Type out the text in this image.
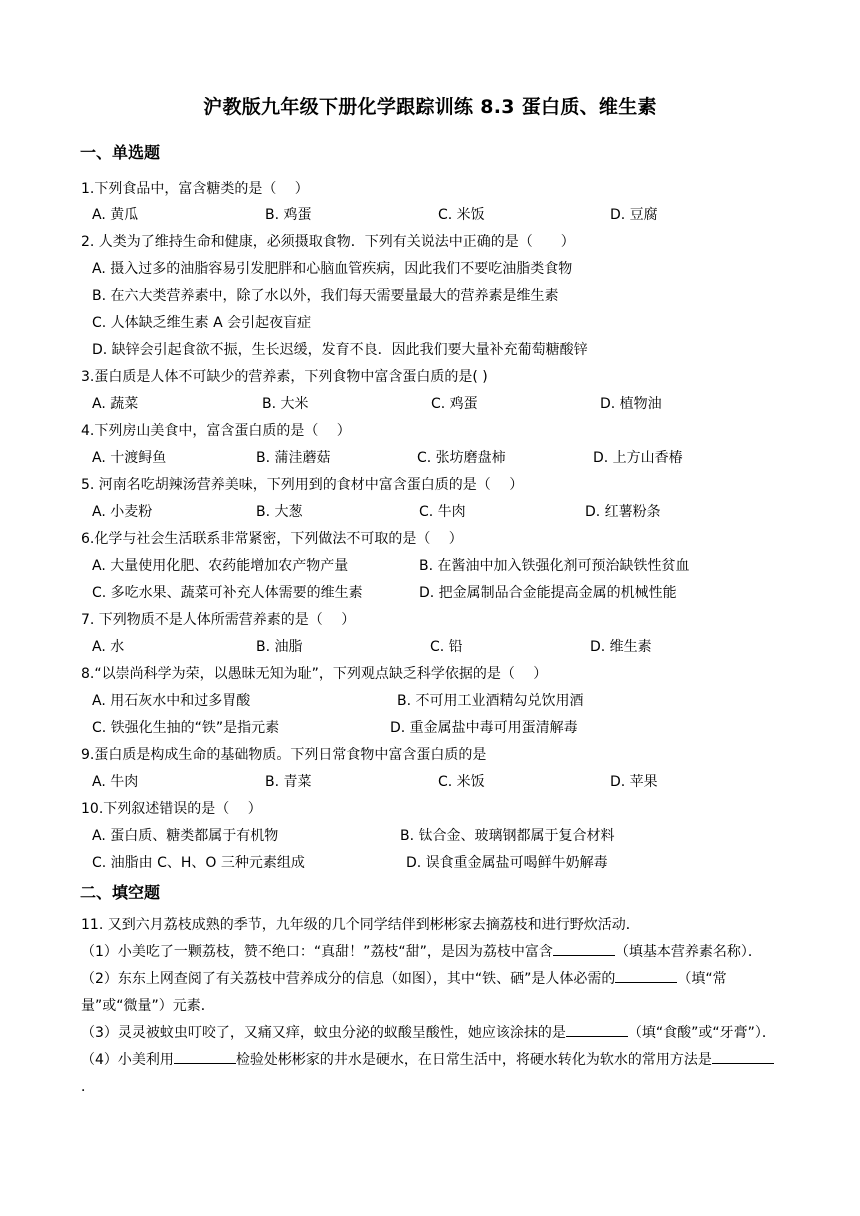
沪教版九年级下册化学跟踪训练 8.3 蛋白质、维生素
一、单选题
1.下列食品中，富含糖类的是（　 ）
A. 黄瓜	B. 鸡蛋	C. 米饭	D. 豆腐
2. 人类为了维持生命和健康，必须摄取食物．下列有关说法中正确的是（　　）
A. 摄入过多的油脂容易引发肥胖和心脑血管疾病，因此我们不要吃油脂类食物
B. 在六大类营养素中，除了水以外，我们每天需要量最大的营养素是维生素
C. 人体缺乏维生素 A 会引起夜盲症
D. 缺锌会引起食欲不振，生长迟缓，发育不良．因此我们要大量补充葡萄糖酸锌
3.蛋白质是人体不可缺少的营养素，下列食物中富含蛋白质的是( )
A. 蔬菜	B. 大米	C. 鸡蛋	D. 植物油
4.下列房山美食中，富含蛋白质的是（　 ）
A. 十渡鲟鱼	B. 蒲洼蘑菇	C. 张坊磨盘柿	D. 上方山香椿
5. 河南名吃胡辣汤营养美味，下列用到的食材中富含蛋白质的是（　 ）
A. 小麦粉	B. 大葱	C. 牛肉	D. 红薯粉条
6.化学与社会生活联系非常紧密，下列做法不可取的是（　 ）
A. 大量使用化肥、农药能增加农产物产量	B. 在酱油中加入铁强化剂可预治缺铁性贫血
C. 多吃水果、蔬菜可补充人体需要的维生素	D. 把金属制品合金能提高金属的机械性能
7. 下列物质不是人体所需营养素的是（　 ）
A. 水	B. 油脂	C. 铅	D. 维生素
8.“以崇尚科学为荣，以愚昧无知为耻”，下列观点缺乏科学依据的是（　 ）
A. 用石灰水中和过多胃酸	B. 不可用工业酒精勾兑饮用酒
C. 铁强化生抽的“铁”是指元素	D. 重金属盐中毒可用蛋清解毒
9.蛋白质是构成生命的基础物质。下列日常食物中富含蛋白质的是
A. 牛肉	B. 青菜	C. 米饭	D. 苹果
10.下列叙述错误的是（　 ）
A. 蛋白质、糖类都属于有机物	B. 钛合金、玻璃钢都属于复合材料
C. 油脂由 C、H、O 三种元素组成	D. 误食重金属盐可喝鲜牛奶解毒
二、填空题
11. 又到六月荔枝成熟的季节，九年级的几个同学结伴到彬彬家去摘荔枝和进行野炊活动．
（1）小美吃了一颗荔枝，赞不绝口：“真甜！”荔枝“甜”，是因为荔枝中富含	（填基本营养素名称）．
（2）东东上网查阅了有关荔枝中营养成分的信息（如图），其中“铁、硒”是人体必需的	（填“常量”或“微量”）元素．
（3）灵灵被蚊虫叮咬了，又痛又痒，蚊虫分泌的蚁酸呈酸性，她应该涂抹的是	（填“食酸”或“牙膏”）．
（4）小美利用	检验处彬彬家的井水是硬水，在日常生活中，将硬水转化为软水的常用方法是．
